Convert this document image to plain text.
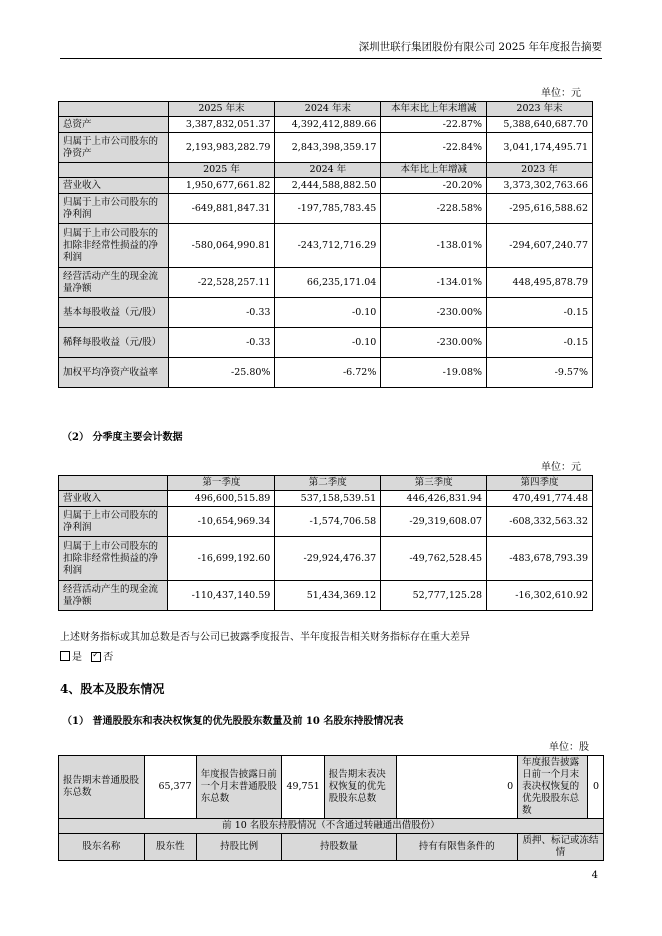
深圳世联行集团股份有限公司 2025 年年度报告摘要
单位：元
	2025 年末	2024 年末	本年末比上年末增减	2023 年末
总资产	3,387,832,051.37	4,392,412,889.66	-22.87%	5,388,640,687.70
归属于上市公司股东的净资产	2,193,983,282.79	2,843,398,359.17	-22.84%	3,041,174,495.71
	2025 年	2024 年	本年比上年增减	2023 年
营业收入	1,950,677,661.82	2,444,588,882.50	-20.20%	3,373,302,763.66
归属于上市公司股东的净利润	-649,881,847.31	-197,785,783.45	-228.58%	-295,616,588.62
归属于上市公司股东的扣除非经常性损益的净利润	-580,064,990.81	-243,712,716.29	-138.01%	-294,607,240.77
经营活动产生的现金流量净额	-22,528,257.11	66,235,171.04	-134.01%	448,495,878.79
基本每股收益（元/股）	-0.33	-0.10	-230.00%	-0.15
稀释每股收益（元/股）	-0.33	-0.10	-230.00%	-0.15
加权平均净资产收益率	-25.80%	-6.72%	-19.08%	-9.57%
（2） 分季度主要会计数据
单位：元
	第一季度	第二季度	第三季度	第四季度
营业收入	496,600,515.89	537,158,539.51	446,426,831.94	470,491,774.48
归属于上市公司股东的净利润	-10,654,969.34	-1,574,706.58	-29,319,608.07	-608,332,563.32
归属于上市公司股东的扣除非经常性损益的净利润	-16,699,192.60	-29,924,476.37	-49,762,528.45	-483,678,793.39
经营活动产生的现金流量净额	-110,437,140.59	51,434,369.12	52,777,125.28	-16,302,610.92
上述财务指标或其加总数是否与公司已披露季度报告、半年度报告相关财务指标存在重大差异
是 ✓ 否
4、股本及股东情况
（1） 普通股股东和表决权恢复的优先股股东数量及前 10 名股东持股情况表
单位：股
报告期末普通股股东总数	65,377	年度报告披露日前一个月末普通股股东总数	49,751	报告期末表决权恢复的优先股股东总数	0	年度报告披露日前一个月末表决权恢复的优先股股东总数	0
前 10 名股东持股情况（不含通过转融通出借股份）							
股东名称	股东性	持股比例	持股数量		持有有限售条件的	质押、标记或冻结情	
4
